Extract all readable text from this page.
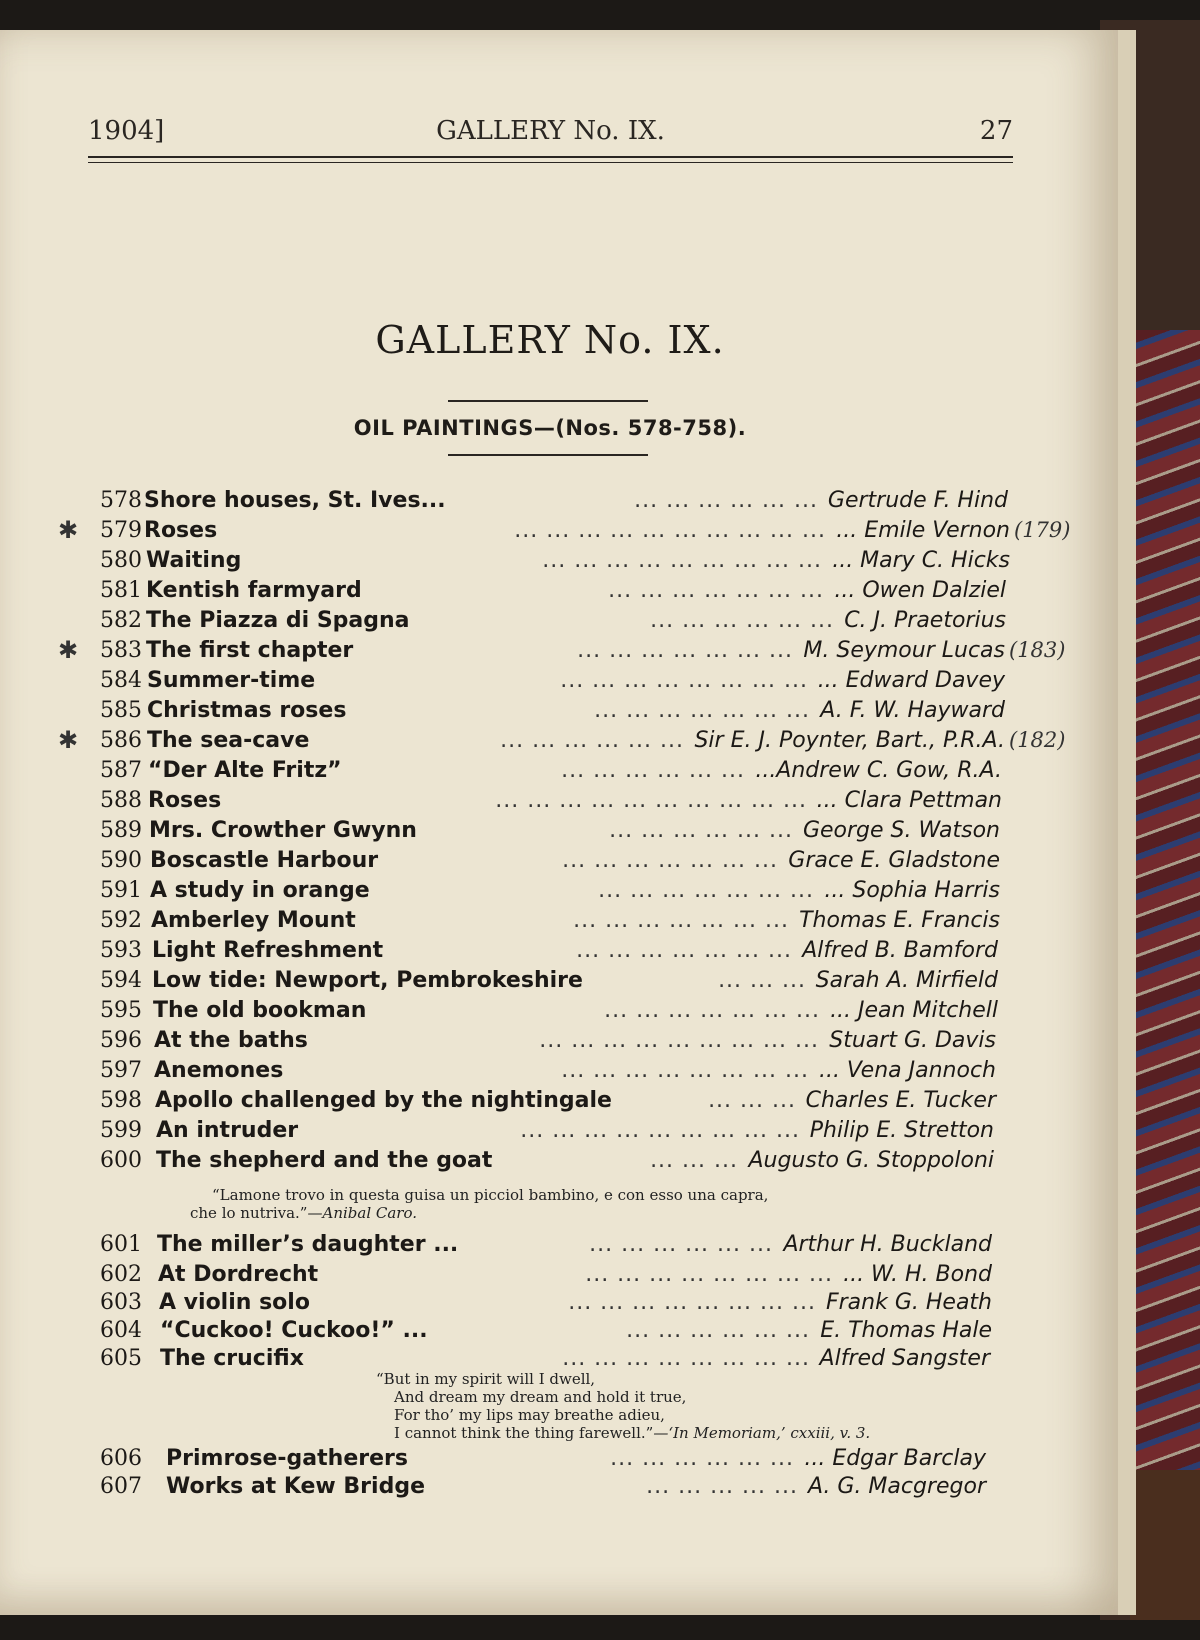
1904]	GALLERY No. IX.	27
GALLERY No. IX.
OIL PAINTINGS—(Nos. 578-758).
578 Shore houses, St. Ives...	... ... ... ... ... ... Gertrude F. Hind
✱ 579 Roses	... ... ... ... ... ... ... ... ... ... ... Emile Vernon (179)
580 Waiting	... ... ... ... ... ... ... ... ... ... Mary C. Hicks
581 Kentish farmyard	... ... ... ... ... ... ... ... Owen Dalziel
582 The Piazza di Spagna	... ... ... ... ... ... C. J. Praetorius
✱ 583 The first chapter	... ... ... ... ... ... ... M. Seymour Lucas (183)
584 Summer-time	... ... ... ... ... ... ... ... ... Edward Davey
585 Christmas roses	... ... ... ... ... ... ... A. F. W. Hayward
✱ 586 The sea-cave	... ... ... ... ... ... Sir E. J. Poynter, Bart., P.R.A. (182)
587 “Der Alte Fritz”	... ... ... ... ... ... ...Andrew C. Gow, R.A.
588 Roses	... ... ... ... ... ... ... ... ... ... ... Clara Pettman
589 Mrs. Crowther Gwynn	... ... ... ... ... ... George S. Watson
590 Boscastle Harbour	... ... ... ... ... ... ... Grace E. Gladstone
591 A study in orange	... ... ... ... ... ... ... ... Sophia Harris
592 Amberley Mount	... ... ... ... ... ... ... Thomas E. Francis
593 Light Refreshment	... ... ... ... ... ... ... Alfred B. Bamford
594 Low tide: Newport, Pembrokeshire	... ... ... Sarah A. Mirfield
595 The old bookman	... ... ... ... ... ... ... ... Jean Mitchell
596 At the baths	... ... ... ... ... ... ... ... ... Stuart G. Davis
597 Anemones	... ... ... ... ... ... ... ... ... Vena Jannoch
598 Apollo challenged by the nightingale	... ... ... Charles E. Tucker
599 An intruder	... ... ... ... ... ... ... ... ... Philip E. Stretton
600 The shepherd and the goat	... ... ... Augusto G. Stoppoloni
601 The miller’s daughter ...	... ... ... ... ... ... Arthur H. Buckland
602 At Dordrecht	... ... ... ... ... ... ... ... ... W. H. Bond
603 A violin solo	... ... ... ... ... ... ... ... Frank G. Heath
604 “Cuckoo! Cuckoo!” ...	... ... ... ... ... ... E. Thomas Hale
605 The crucifix	... ... ... ... ... ... ... ... Alfred Sangster
606 Primrose-gatherers	... ... ... ... ... ... ... Edgar Barclay
607 Works at Kew Bridge	... ... ... ... ... A. G. Macgregor
“Lamone trovo in questa guisa un picciol bambino, e con esso una capra,
che lo nutriva.”—Anibal Caro.
“But in my spirit will I dwell,
And dream my dream and hold it true,
For tho’ my lips may breathe adieu,
I cannot think the thing farewell.”—‘In Memoriam,’ cxxiii, v. 3.
